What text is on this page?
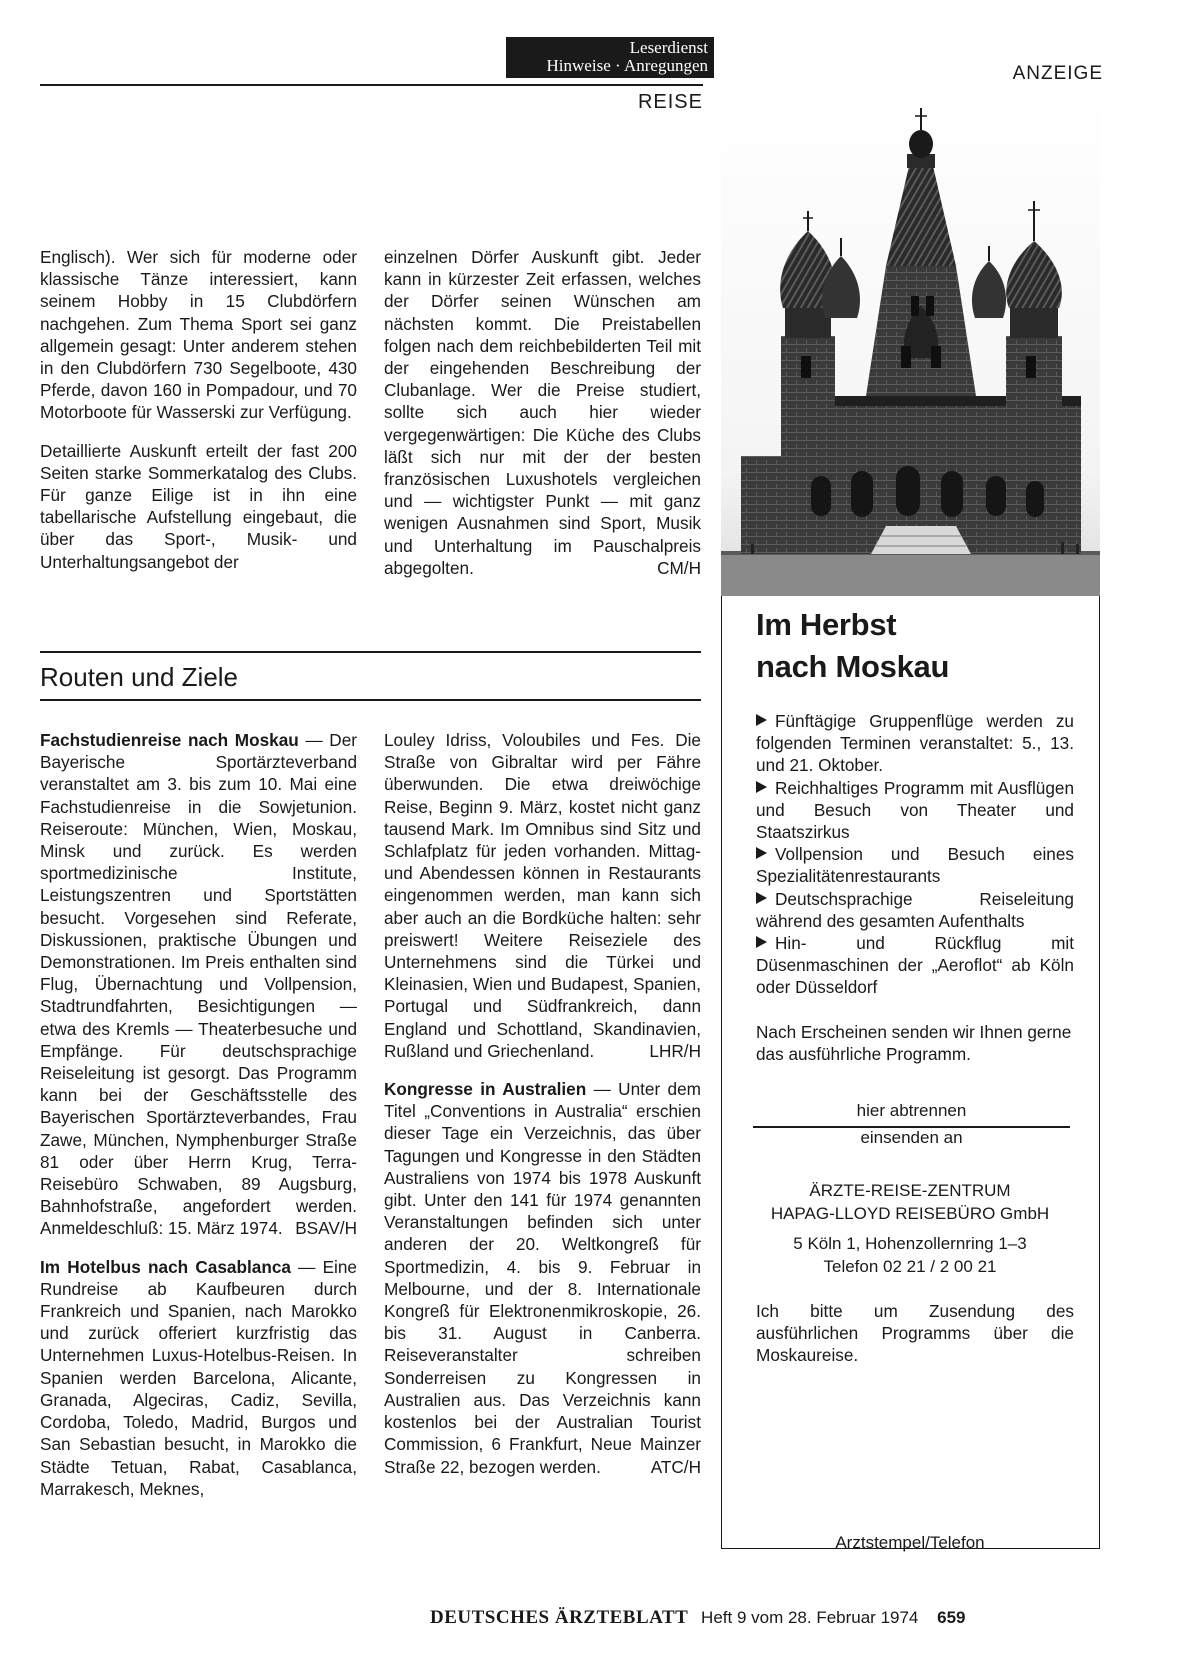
Leserdienst
Hinweise · Anregungen
REISE
ANZEIGE

Englisch). Wer sich für moderne oder klassische Tänze interessiert, kann seinem Hobby in 15 Clubdörfern nachgehen. Zum Thema Sport sei ganz allgemein gesagt: Unter anderem stehen in den Clubdörfern 730 Segelboote, 430 Pferde, davon 160 in Pompadour, und 70 Motorboote für Wasserski zur Verfügung.

Detaillierte Auskunft erteilt der fast 200 Seiten starke Sommerkatalog des Clubs. Für ganze Eilige ist in ihn eine tabellarische Aufstellung eingebaut, die über das Sport-, Musik- und Unterhaltungsangebot der

einzelnen Dörfer Auskunft gibt. Jeder kann in kürzester Zeit erfassen, welches der Dörfer seinen Wünschen am nächsten kommt. Die Preistabellen folgen nach dem reichbebilderten Teil mit der eingehenden Beschreibung der Clubanlage. Wer die Preise studiert, sollte sich auch hier wieder vergegenwärtigen: Die Küche des Clubs läßt sich nur mit der der besten französischen Luxushotels vergleichen und — wichtigster Punkt — mit ganz wenigen Ausnahmen sind Sport, Musik und Unterhaltung im Pauschalpreis abgegolten.	CM/H
Routen und Ziele

Fachstudienreise nach Moskau — Der Bayerische Sportärzteverband veranstaltet am 3. bis zum 10. Mai eine Fachstudienreise in die Sowjetunion. Reiseroute: München, Wien, Moskau, Minsk und zurück. Es werden sportmedizinische Institute, Leistungszentren und Sportstätten besucht. Vorgesehen sind Referate, Diskussionen, praktische Übungen und Demonstrationen. Im Preis enthalten sind Flug, Übernachtung und Vollpension, Stadtrundfahrten, Besichtigungen — etwa des Kremls — Theaterbesuche und Empfänge. Für deutschsprachige Reiseleitung ist gesorgt. Das Programm kann bei der Geschäftsstelle des Bayerischen Sportärzteverbandes, Frau Zawe, München, Nymphenburger Straße 81 oder über Herrn Krug, Terra-Reisebüro Schwaben, 89 Augsburg, Bahnhofstraße, angefordert werden. Anmeldeschluß: 15. März 1974. BSAV/H

Im Hotelbus nach Casablanca — Eine Rundreise ab Kaufbeuren durch Frankreich und Spanien, nach Marokko und zurück offeriert kurzfristig das Unternehmen Luxus-Hotelbus-Reisen. In Spanien werden Barcelona, Alicante, Granada, Algeciras, Cadiz, Sevilla, Cordoba, Toledo, Madrid, Burgos und San Sebastian besucht, in Marokko die Städte Tetuan, Rabat, Casablanca, Marrakesch, Meknes,

Louley Idriss, Voloubiles und Fes. Die Straße von Gibraltar wird per Fähre überwunden. Die etwa dreiwöchige Reise, Beginn 9. März, kostet nicht ganz tausend Mark. Im Omnibus sind Sitz und Schlafplatz für jeden vorhanden. Mittag- und Abendessen können in Restaurants eingenommen werden, man kann sich aber auch an die Bordküche halten: sehr preiswert! Weitere Reiseziele des Unternehmens sind die Türkei und Kleinasien, Wien und Budapest, Spanien, Portugal und Südfrankreich, dann England und Schottland, Skandinavien, Rußland und Griechenland.	LHR/H

Kongresse in Australien — Unter dem Titel „Conventions in Australia“ erschien dieser Tage ein Verzeichnis, das über Tagungen und Kongresse in den Städten Australiens von 1974 bis 1978 Auskunft gibt. Unter den 141 für 1974 genannten Veranstaltungen befinden sich unter anderen der 20. Weltkongreß für Sportmedizin, 4. bis 9. Februar in Melbourne, und der 8. Internationale Kongreß für Elektronenmikroskopie, 26. bis 31. August in Canberra. Reiseveranstalter schreiben Sonderreisen zu Kongressen in Australien aus. Das Verzeichnis kann kostenlos bei der Australian Tourist Commission, 6 Frankfurt, Neue Mainzer Straße 22, bezogen werden.	ATC/H

Im Herbst
nach Moskau
Fünftägige Gruppenflüge werden zu folgenden Terminen veranstaltet: 5., 13. und 21. Oktober.
Reichhaltiges Programm mit Ausflügen und Besuch von Theater und Staatszirkus
Vollpension und Besuch eines Spezialitätenrestaurants
Deutschsprachige Reiseleitung während des gesamten Aufenthalts
Hin- und Rückflug mit Düsenmaschinen der „Aeroflot“ ab Köln oder Düsseldorf
Nach Erscheinen senden wir Ihnen gerne das ausführliche Programm.
hier abtrennen
einsenden an
ÄRZTE-REISE-ZENTRUM
HAPAG-LLOYD REISEBÜRO GmbH
5 Köln 1, Hohenzollernring 1–3
Telefon 02 21 / 2 00 21
Ich bitte um Zusendung des ausführlichen Programms über die Moskaureise.
Arztstempel/Telefon
DEUTSCHES ÄRZTEBLATT Heft 9 vom 28. Februar 1974 659
